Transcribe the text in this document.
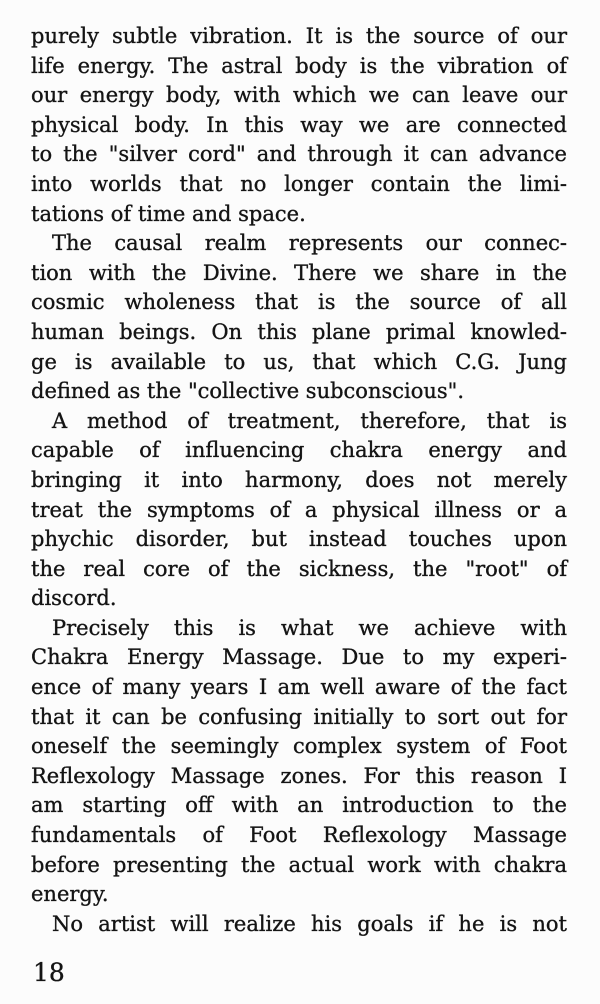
purely subtle vibration. It is the source of our
life energy. The astral body is the vibration of
our energy body, with which we can leave our
physical body. In this way we are connected
to the "silver cord" and through it can advance
into worlds that no longer contain the limi-
tations of time and space.
The causal realm represents our connec-
tion with the Divine. There we share in the
cosmic wholeness that is the source of all
human beings. On this plane primal knowled-
ge is available to us, that which C.G. Jung
defined as the "collective subconscious".
A method of treatment, therefore, that is
capable of influencing chakra energy and
bringing it into harmony, does not merely
treat the symptoms of a physical illness or a
phychic disorder, but instead touches upon
the real core of the sickness, the "root" of
discord.
Precisely this is what we achieve with
Chakra Energy Massage. Due to my experi-
ence of many years I am well aware of the fact
that it can be confusing initially to sort out for
oneself the seemingly complex system of Foot
Reflexology Massage zones. For this reason I
am starting off with an introduction to the
fundamentals of Foot Reflexology Massage
before presenting the actual work with chakra
energy.
No artist will realize his goals if he is not
18
